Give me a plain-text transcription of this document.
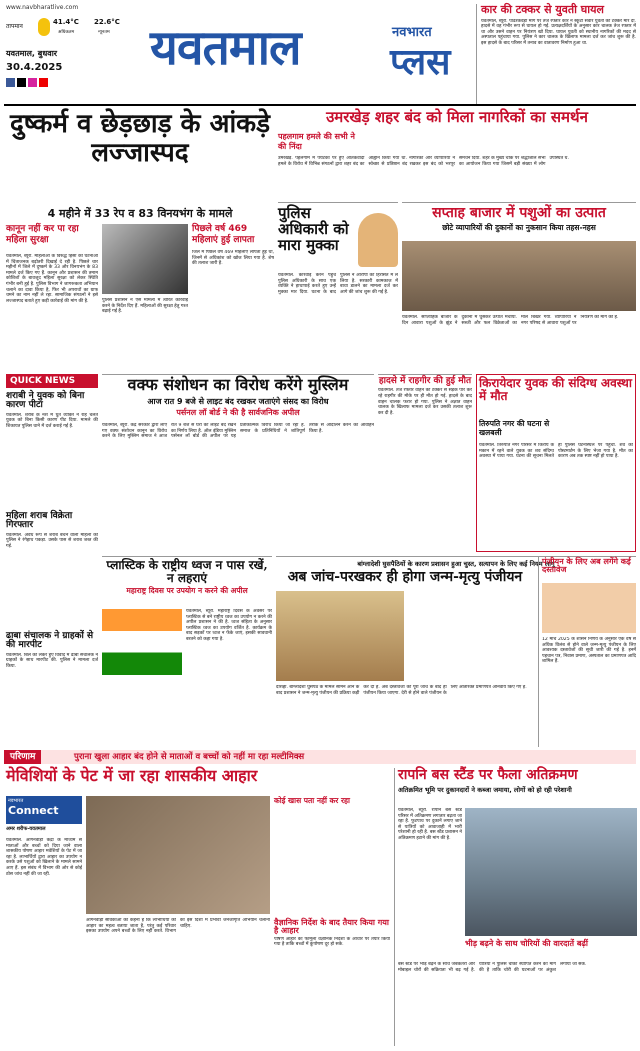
www.navbharatlive.com
तापमान
41.4°C
अधिकतम
22.6°C
न्यूनतम
यवतमाल, बुधवार
30.4.2025 यवतमाल	नवभारत
प्लस
कार की टक्कर से युवती घायल
यवतमाल, ब्यूरो. पांढरकवड़ा मार्ग पर तेज रफ्तार कार ने स्कूटी सवार युवती को टक्कर मार दी. हादसे में वह गंभीर रूप से घायल हो गई. प्रत्यक्षदर्शियों के अनुसार कार चालक तेज रफ्तार में था और उसने वाहन पर नियंत्रण खो दिया. घायल युवती को स्थानीय नागरिकों की मदद से अस्पताल पहुंचाया गया. पुलिस ने कार चालक के खिलाफ मामला दर्ज कर जांच शुरू की है. इस हादसे के बाद परिसर में तनाव का वातावरण निर्माण हुआ था.
दुष्कर्म व छेड़छाड़ के आंकड़े लज्जास्पद
4 महीने में 33 रेप व 83 विनयभंग के मामले
कानून नहीं कर पा रहा महिला सुरक्षा
पिछले वर्ष 469 महिलाएं हुई लापता
यवतमाल, ब्यूरो. महिलाओं के विरुद्ध हिंसा की घटनाओं में चिंताजनक बढ़ोतरी दिखाई दे रही है. पिछले चार महीनों में जिले में दुष्कर्म के 33 और विनयभंग के 83 मामले दर्ज किए गए हैं. कानून और प्रशासन की तमाम कोशिशों के बावजूद महिला सुरक्षा को लेकर स्थिति गंभीर बनी हुई है. पुलिस विभाग ने जागरूकता अभियान चलाने का दावा किया है, फिर भी अपराधों का ग्राफ थमने का नाम नहीं ले रहा. सामाजिक संगठनों ने इसे लज्जास्पद बताते हुए कड़ी कार्रवाई की मांग की है.	पुलिस प्रशासन ने ऐसे मामलों में त्वरित कार्रवाई करने के निर्देश दिए हैं. महिलाओं की सुरक्षा हेतु गश्त बढ़ाई गई है.
जिले में पिछले वर्ष 469 महिलाएं लापता हुई थीं, जिनमें से अधिकांश को खोज लिया गया है. शेष की तलाश जारी है.
उमरखेड़ शहर बंद को मिला नागरिकों का समर्थन
पहलगाम हमले की सभी ने की निंदा
उमरखेड़. पहलगाम में पर्यटकों पर हुए आतंकवादी हमले के विरोध में विभिन्न संगठनों द्वारा शहर बंद का आह्वान किया गया था. नागरिकों और व्यापारियों ने स्वेच्छा से प्रतिष्ठान बंद रखकर इस बंद को भरपूर समर्थन दिया. शहर के मुख्य चौक पर श्रद्धांजलि सभा का आयोजन किया गया जिसमें बड़ी संख्या में लोग उपस्थित थे.
पुलिस अधिकारी को मारा मुक्का
यवतमाल. कार्रवाई करने पहुंचे पुलिस अधिकारी के साथ एक व्यक्ति ने हाथापाई करते हुए उन्हें मुक्का मार दिया. घटना के बाद पुलिस ने आरोपी को हिरासत में ले लिया है. सरकारी कामकाज में बाधा डालने का मामला दर्ज कर आगे की जांच शुरू की गई है.
सप्ताह बाजार में पशुओं का उत्पात
छोटे व्यापारियों की दुकानों का नुकसान किया तहस-नहस
यवतमाल. साप्ताहिक बाजार के दिन आवारा पशुओं के झुंड ने दुकानों में घुसकर उत्पात मचाया. सब्जी और फल विक्रेताओं का माल बिखर गया. व्यापारियों ने नगर परिषद से आवारा पशुओं पर नियंत्रण की मांग की है.
QUICK NEWS
शराबी ने युवक को बिना कारण पीटा
यवतमाल. शराब के नशे में धुत व्यक्ति ने राह चलते युवक को बिना किसी कारण पीट दिया. मामले की शिकायत पुलिस थाने में दर्ज कराई गई है.
महिला शराब विक्रेता गिरफ्तार
यवतमाल. अवैध रूप से शराब बेचने वाली महिला को पुलिस ने रंगेहाथ पकड़ा. उसके पास से शराब जब्त की गई.
ढाबा संचालक ने ग्राहकों से की मारपीट
यवतमाल. बिल को लेकर हुए विवाद में ढाबा संचालक ने ग्राहकों के साथ मारपीट की. पुलिस ने मामला दर्ज किया.
वक्फ संशोधन का विरोध करेंगे मुस्लिम
आज रात 9 बजे से लाइट बंद रखकर जताएंगे संसद का विरोध
पर्सनल लॉ बोर्ड ने की है सार्वजनिक अपील
यवतमाल, ब्यूरो. केंद्र सरकार द्वारा लाए गए वक्फ संशोधन कानून का विरोध करने के लिए मुस्लिम समाज ने आज रात 9 बजे से घरों की लाइट बंद रखने का निर्णय लिया है. ऑल इंडिया मुस्लिम पर्सनल लॉ बोर्ड की अपील पर यह प्रतीकात्मक विरोध किया जा रहा है. समाज के प्रतिनिधियों ने शांतिपूर्ण तरीके से आंदोलन करने का आवाहन किया है.
हादसे में राहगीर की हुई मौत
यवतमाल. तेज रफ्तार वाहन की टक्कर से सड़क पार कर रहे राहगीर की मौके पर ही मौत हो गई. हादसे के बाद वाहन चालक फरार हो गया. पुलिस ने अज्ञात वाहन चालक के खिलाफ मामला दर्ज कर उसकी तलाश शुरू कर दी है.
किरायेदार युवक की संदिग्ध अवस्था में मौत
तिरुपति नगर की घटना से खलबली
यवतमाल. तिरुपति नगर परिसर में किराये के मकान में रहने वाले युवक का शव संदिग्ध अवस्था में पाया गया. घटना की सूचना मिलते ही पुलिस घटनास्थल पर पहुंची. शव को पोस्टमार्टम के लिए भेजा गया है. मौत का कारण अब तक स्पष्ट नहीं हो पाया है.
प्लास्टिक के राष्ट्रीय ध्वज न पास रखें, न लहराएं
महाराष्ट्र दिवस पर उपयोग न करने की अपील
यवतमाल, ब्यूरो. महाराष्ट्र दिवस के अवसर पर प्लास्टिक से बने राष्ट्रीय ध्वज का उपयोग न करने की अपील प्रशासन ने की है. ध्वज संहिता के अनुसार प्लास्टिक ध्वज का उपयोग वर्जित है. कार्यक्रम के बाद सड़कों पर ध्वज न फेंके जाएं, इसकी सावधानी बरतने को कहा गया है.
बांग्लादेशी घुसपैठियों के कारण प्रशासन हुआ चुस्त, सत्यापन के लिए कई नियम लागू
अब जांच-परखकर ही होगा जन्म-मृत्यु पंजीयन
दारव्हा. बांग्लादेशी घुसपैठ के मामले सामने आने के बाद प्रशासन ने जन्म-मृत्यु पंजीयन की प्रक्रिया कड़ी कर दी है. अब दस्तावेजों की पूरी जांच के बाद ही पंजीयन किया जाएगा. देरी से होने वाले पंजीयन के लिए अतिरिक्त प्रमाणपत्र अनिवार्य किए गए हैं.
पंजीयन के लिए अब लगेंगे कई दस्तावेज
12 मार्च 2025 के शासन निर्णय के अनुसार एक वर्ष से अधिक विलंब से होने वाले जन्म-मृत्यु पंजीयन के लिए आवश्यक दस्तावेजों की सूची जारी की गई है. इनमें पहचान पत्र, निवास प्रमाण, अस्पताल का प्रमाणपत्र आदि शामिल हैं.
परिणाम	पुराना खुला आहार बंद होने से माताओं व बच्चों को नहीं मा रहा मल्टीमिक्स
मेविशियों के पेट में जा रहा शासकीय आहार
नवभारत
Connect
अमर शरीफ-यवतमाल
कोई खास पता नहीं कर रहा
यवतमाल. आंगनवाड़ी केंद्रों के माध्यम से माताओं और बच्चों को दिया जाने वाला शासकीय पोषण आहार मवेशियों के पेट में जा रहा है. लाभार्थियों द्वारा आहार का उपयोग न करके उसे पशुओं को खिलाने के मामले सामने आए हैं. इस संबंध में विभाग की ओर से कोई ठोस जांच नहीं की जा रही.
आंगनवाड़ी सेविकाओं का कहना है कि लाभार्थियों को आहार का महत्व बताया जाता है, परंतु कई परिवार इसका उपयोग अपने बच्चों के लिए नहीं करते. विभाग को इस दिशा में प्रभावी जनजागृति अभियान चलाना चाहिए.	वैज्ञानिक निर्देश के बाद तैयार किया गया है आहार
पोषण आहार का फार्मूला वैज्ञानिक निर्देशों के आधार पर तैयार किया गया है ताकि बच्चों में कुपोषण दूर हो सके.
रापनि बस स्टैंड पर फैला अतिक्रमण
अतिक्रमित भूमि पर दुकानदारों ने कब्जा जमाया, लोगों को हो रही परेशानी
यवतमाल, ब्यूरो. रापनि बस स्टैंड परिसर में अतिक्रमण लगातार बढ़ता जा रहा है. फुटपाथ पर दुकानें लगाए जाने से यात्रियों को आवाजाही में भारी परेशानी हो रही है. बस स्टैंड प्रशासन ने अतिक्रमण हटाने की मांग की है.
भीड़ बढ़ने के साथ चोरियों की वारदातें बढ़ीं
बस स्टैंड पर भीड़ बढ़ने के साथ जेबकतरों और मोबाइल चोरों की सक्रियता भी बढ़ गई है. यात्रियों ने पुलिस चौकी स्थापित करने की मांग की है ताकि चोरी की घटनाओं पर अंकुश लगाया जा सके.
